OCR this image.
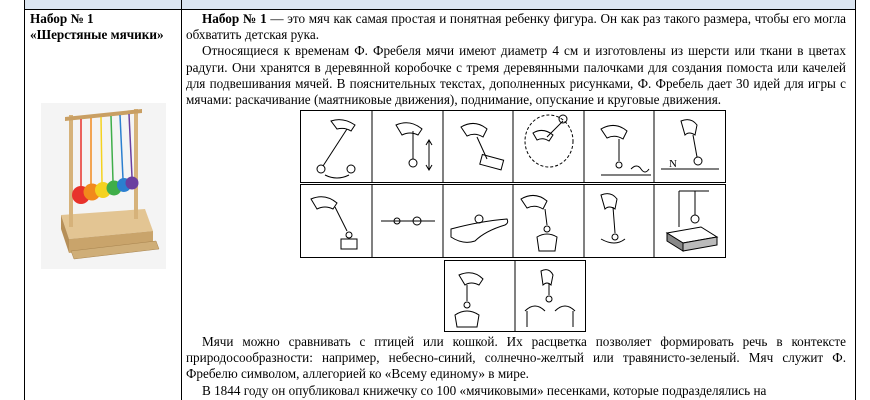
Набор № 1
«Шерстяные мячики»

Набор № 1 — это мяч как самая простая и понятная ребенку фигура. Он как раз такого размера, чтобы его могла обхватить детская рука.

Относящиеся к временам Ф. Фребеля мячи имеют диаметр 4 см и изготовлены из шерсти или ткани в цветах радуги. Они хранятся в деревянной коробочке с тремя деревянными палочками для создания помоста или качелей для подвешивания мячей. В пояснительных текстах, дополненных рисунками, Ф. Фребель дает 30 идей для игры с мячами: раскачивание (маятниковые движения), поднимание, опускание и круговые движения.

N

Мячи можно сравнивать с птицей или кошкой. Их расцветка позволяет формировать речь в контексте природосообразности: например, небесно-синий, солнечно-желтый или травянисто-зеленый. Мяч служит Ф. Фребелю символом, аллегорией ко «Всему единому» в мире.

В 1844 году он опубликовал книжечку со 100 «мячиковыми» песенками, которые подразделялись на
